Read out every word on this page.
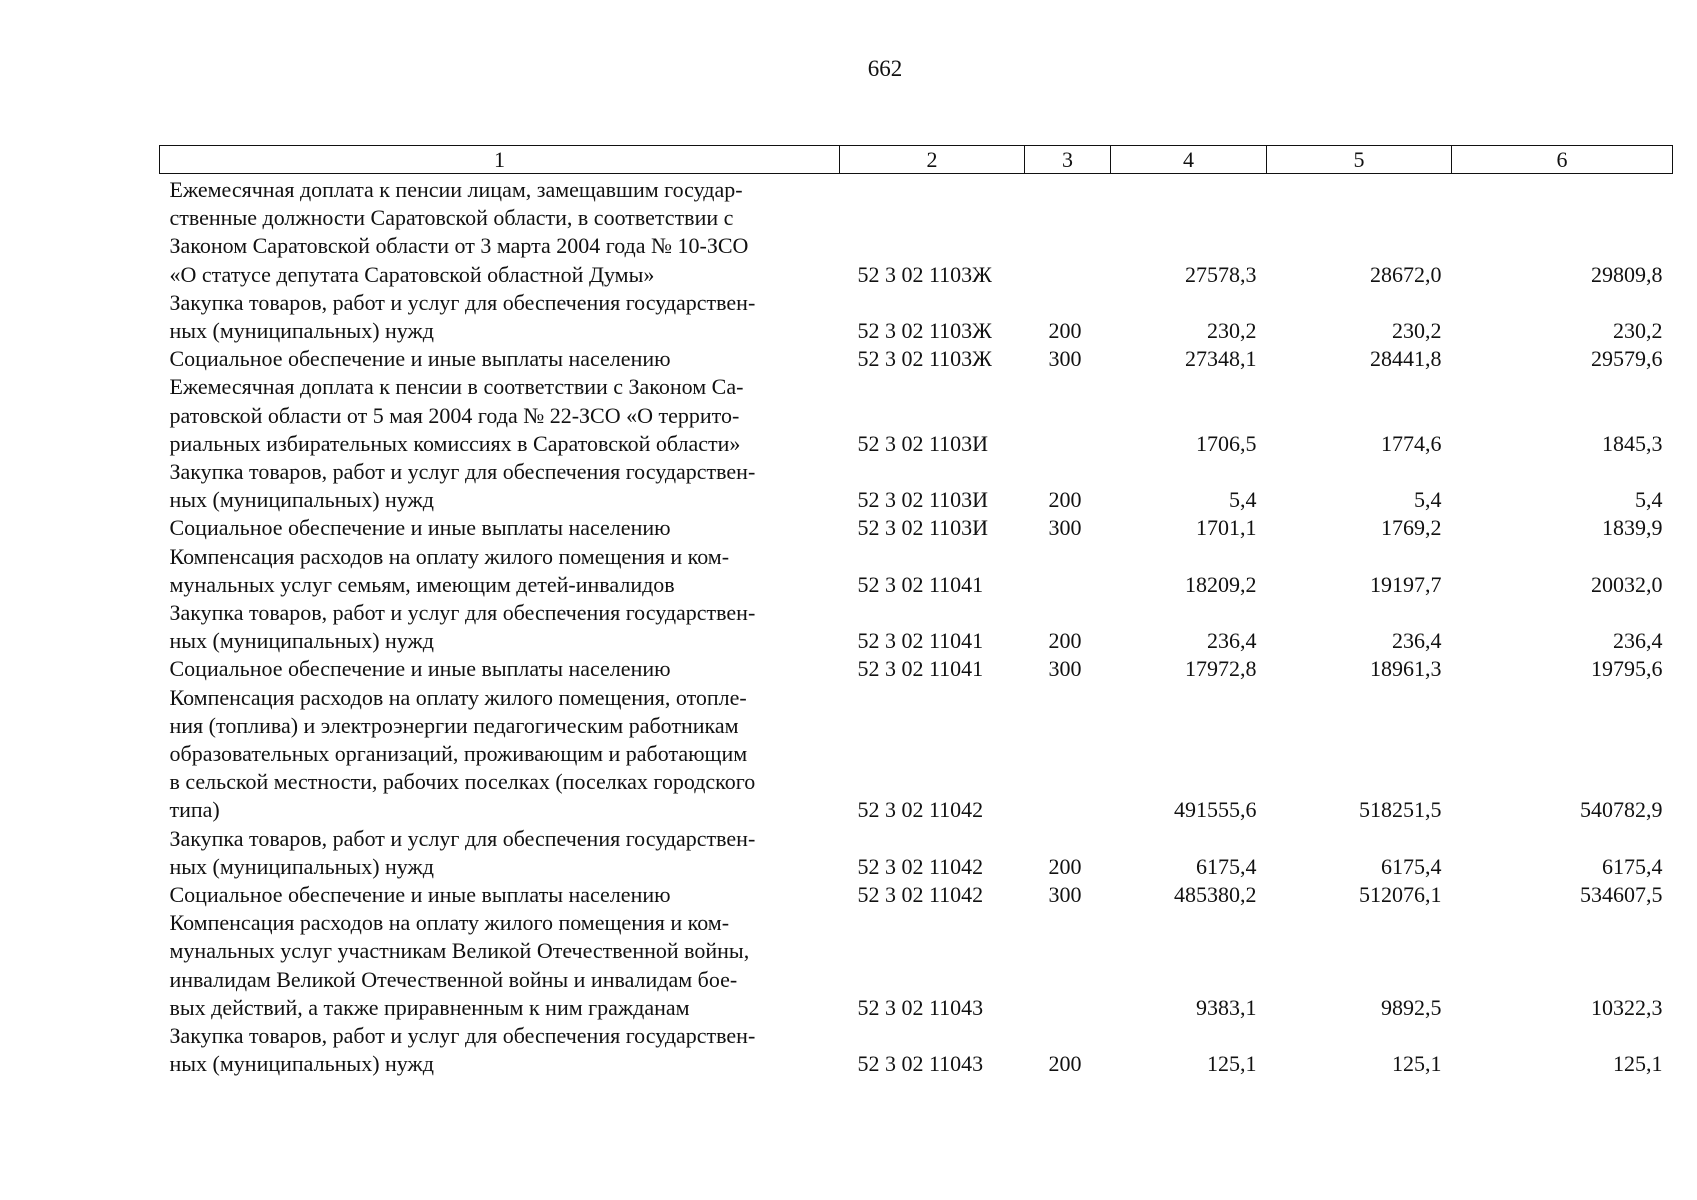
662
1	2	3	4	5	6
Ежемесячная доплата к пенсии лицам, замещавшим государ-
ственные должности Саратовской области, в соответствии с
Законом Саратовской области от 3 марта 2004 года № 10-ЗСО
«О статусе депутата Саратовской областной Думы»	52 3 02 1103Ж		27578,3	28672,0	29809,8
Закупка товаров, работ и услуг для обеспечения государствен-
ных (муниципальных) нужд	52 3 02 1103Ж	200	230,2	230,2	230,2
Социальное обеспечение и иные выплаты населению	52 3 02 1103Ж	300	27348,1	28441,8	29579,6
Ежемесячная доплата к пенсии в соответствии с Законом Са-
ратовской области от 5 мая 2004 года № 22-ЗСО «О террито-
риальных избирательных комиссиях в Саратовской области»	52 3 02 1103И		1706,5	1774,6	1845,3
Закупка товаров, работ и услуг для обеспечения государствен-
ных (муниципальных) нужд	52 3 02 1103И	200	5,4	5,4	5,4
Социальное обеспечение и иные выплаты населению	52 3 02 1103И	300	1701,1	1769,2	1839,9
Компенсация расходов на оплату жилого помещения и ком-
мунальных услуг семьям, имеющим детей-инвалидов	52 3 02 11041		18209,2	19197,7	20032,0
Закупка товаров, работ и услуг для обеспечения государствен-
ных (муниципальных) нужд	52 3 02 11041	200	236,4	236,4	236,4
Социальное обеспечение и иные выплаты населению	52 3 02 11041	300	17972,8	18961,3	19795,6
Компенсация расходов на оплату жилого помещения, отопле-
ния (топлива) и электроэнергии педагогическим работникам
образовательных организаций, проживающим и работающим
в сельской местности, рабочих поселках (поселках городского
типа)	52 3 02 11042		491555,6	518251,5	540782,9
Закупка товаров, работ и услуг для обеспечения государствен-
ных (муниципальных) нужд	52 3 02 11042	200	6175,4	6175,4	6175,4
Социальное обеспечение и иные выплаты населению	52 3 02 11042	300	485380,2	512076,1	534607,5
Компенсация расходов на оплату жилого помещения и ком-
мунальных услуг участникам Великой Отечественной войны,
инвалидам Великой Отечественной войны и инвалидам бое-
вых действий, а также приравненным к ним гражданам	52 3 02 11043		9383,1	9892,5	10322,3
Закупка товаров, работ и услуг для обеспечения государствен-
ных (муниципальных) нужд	52 3 02 11043	200	125,1	125,1	125,1
